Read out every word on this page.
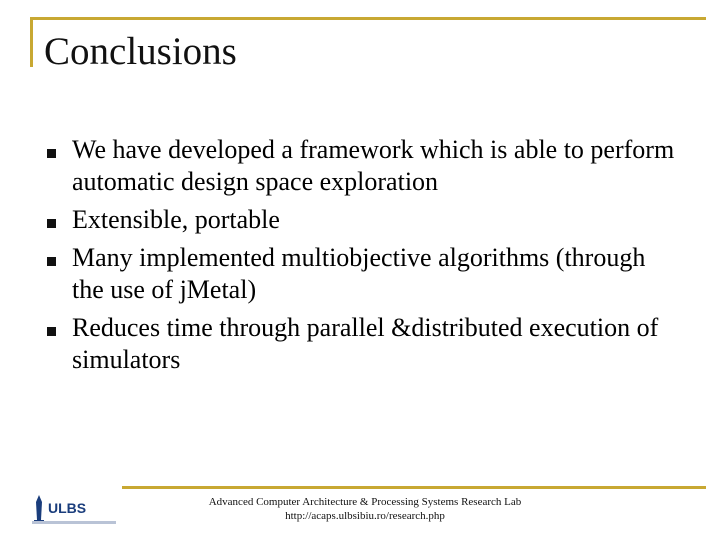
Conclusions
We have developed a framework which is able to perform automatic design space exploration
Extensible, portable
Many implemented multiobjective algorithms (through the use of jMetal)
Reduces time through parallel &distributed execution of simulators
ULBS	Advanced Computer Architecture & Processing Systems Research Lab
http://acaps.ulbsibiu.ro/research.php
